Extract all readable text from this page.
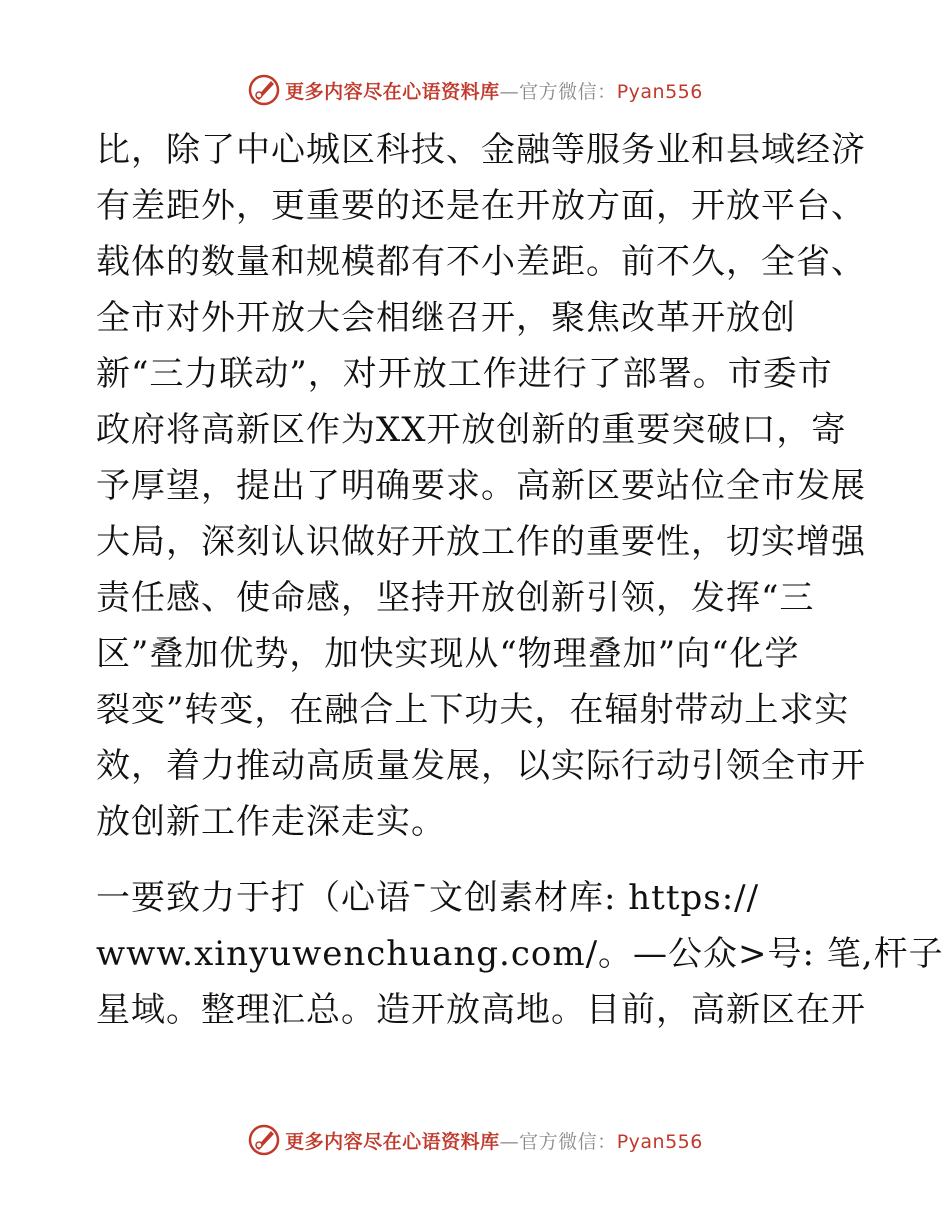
更多内容尽在心语资料库—官方微信：Pyan556
比，除了中心城区科技、金融等服务业和县域经济
有差距外，更重要的还是在开放方面，开放平台、
载体的数量和规模都有不小差距。前不久，全省、
全市对外开放大会相继召开，聚焦改革开放创
新“三力联动”，对开放工作进行了部署。市委市
政府将高新区作为XX开放创新的重要突破口，寄
予厚望，提出了明确要求。高新区要站位全市发展
大局，深刻认识做好开放工作的重要性，切实增强
责任感、使命感，坚持开放创新引领，发挥“三
区”叠加优势，加快实现从“物理叠加”向“化学
裂变”转变，在融合上下功夫，在辐射带动上求实
效，着力推动高质量发展，以实际行动引领全市开
放创新工作走深走实。
一要致力于打（心语¯文创素材库: https://
www.xinyuwenchuang.com/。—公众>号: 笔,杆子
星域。整理汇总。造开放高地。目前，高新区在开
更多内容尽在心语资料库—官方微信：Pyan556
